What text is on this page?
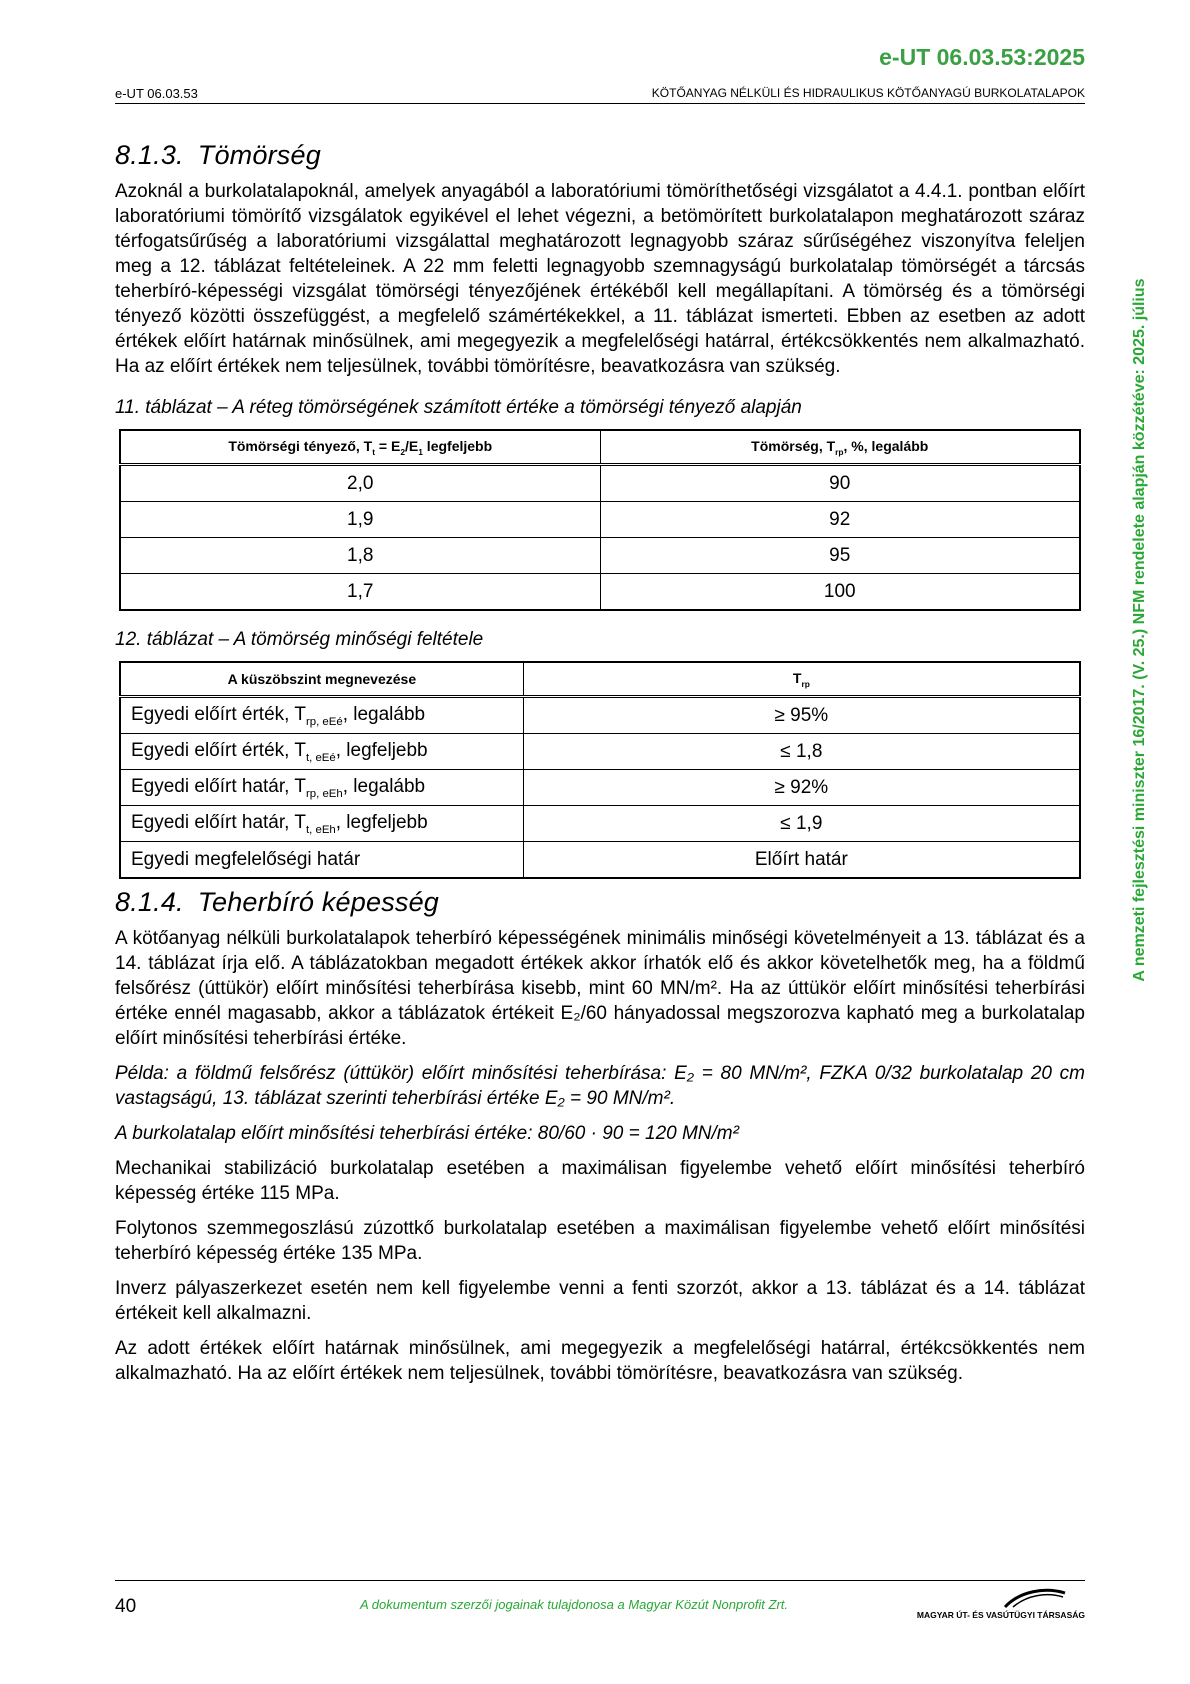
e-UT 06.03.53:2025
e-UT 06.03.53	KÖTŐANYAG NÉLKÜLI ÉS HIDRAULIKUS KÖTŐANYAGÚ BURKOLATALAPOK
A nemzeti fejlesztési miniszter 16/2017. (V. 25.) NFM rendelete alapján közzétéve: 2025. július
8.1.3. Tömörség

Azoknál a burkolatalapoknál, amelyek anyagából a laboratóriumi tömöríthetőségi vizsgálatot a 4.4.1. pontban előírt laboratóriumi tömörítő vizsgálatok egyikével el lehet végezni, a betömörített burkolatalapon meghatározott száraz térfogatsűrűség a laboratóriumi vizsgálattal meghatározott legnagyobb száraz sűrűségéhez viszonyítva feleljen meg a 12. táblázat feltételeinek. A 22 mm feletti legnagyobb szemnagyságú burkolatalap tömörségét a tárcsás teherbíró-képességi vizsgálat tömörségi tényezőjének értékéből kell megállapítani. A tömörség és a tömörségi tényező közötti összefüggést, a megfelelő számértékekkel, a 11. táblázat ismerteti. Ebben az esetben az adott értékek előírt határnak minősülnek, ami megegyezik a megfelelőségi határral, értékcsökkentés nem alkalmazható. Ha az előírt értékek nem teljesülnek, további tömörítésre, beavatkozásra van szükség.

11. táblázat – A réteg tömörségének számított értéke a tömörségi tényező alapján
Tömörségi tényező, $T_t = E_2/E_1$ legfeljebb	Tömörség, $T_{rp}$, %, legalább
2,0	90
1,9	92
1,8	95
1,7	100
12. táblázat – A tömörség minőségi feltétele
A küszöbszint megnevezése	$T_{rp}$
Egyedi előírt érték, $T_{rp, eEé}$, legalább	≥ 95%
Egyedi előírt érték, $T_{t, eEé}$, legfeljebb	≤ 1,8
Egyedi előírt határ, $T_{rp, eEh}$, legalább	≥ 92%
Egyedi előírt határ, $T_{t, eEh}$, legfeljebb	≤ 1,9
Egyedi megfelelőségi határ	Előírt határ
8.1.4. Teherbíró képesség

A kötőanyag nélküli burkolatalapok teherbíró képességének minimális minőségi követelményeit a 13. táblázat és a 14. táblázat írja elő. A táblázatokban megadott értékek akkor írhatók elő és akkor követelhetők meg, ha a földmű felsőrész (úttükör) előírt minősítési teherbírása kisebb, mint 60 MN/m². Ha az úttükör előírt minősítési teherbírási értéke ennél magasabb, akkor a táblázatok értékeit E₂/60 hányadossal megszorozva kapható meg a burkolatalap előírt minősítési teherbírási értéke.

Példa: a földmű felsőrész (úttükör) előírt minősítési teherbírása: E₂ = 80 MN/m², FZKA 0/32 burkolatalap 20 cm vastagságú, 13. táblázat szerinti teherbírási értéke E₂ = 90 MN/m².

A burkolatalap előírt minősítési teherbírási értéke: 80/60 · 90 = 120 MN/m²

Mechanikai stabilizáció burkolatalap esetében a maximálisan figyelembe vehető előírt minősítési teherbíró képesség értéke 115 MPa.

Folytonos szemmegoszlású zúzottkő burkolatalap esetében a maximálisan figyelembe vehető előírt minősítési teherbíró képesség értéke 135 MPa.

Inverz pályaszerkezet esetén nem kell figyelembe venni a fenti szorzót, akkor a 13. táblázat és a 14. táblázat értékeit kell alkalmazni.

Az adott értékek előírt határnak minősülnek, ami megegyezik a megfelelőségi határral, értékcsökkentés nem alkalmazható. Ha az előírt értékek nem teljesülnek, további tömörítésre, beavatkozásra van szükség.

40	A dokumentum szerzői jogainak tulajdonosa a Magyar Közút Nonprofit Zrt.
MAGYAR ÚT- ÉS VASÚTÜGYI TÁRSASÁG
